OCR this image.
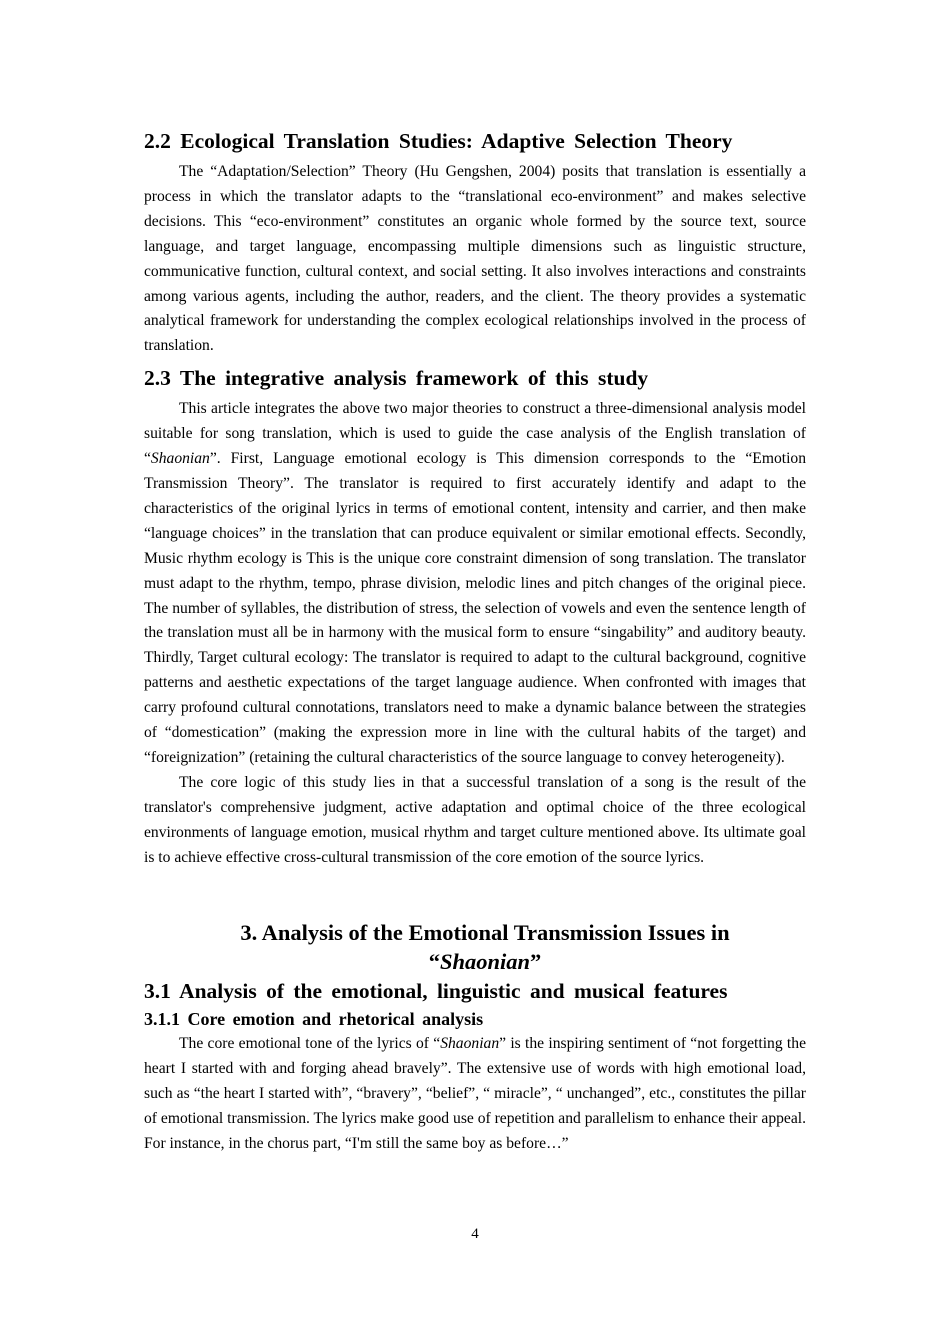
2.2 Ecological Translation Studies: Adaptive Selection Theory

The “Adaptation/Selection” Theory (Hu Gengshen, 2004) posits that translation is essentially a process in which the translator adapts to the “translational eco-environment” and makes selective decisions. This “eco-environment” constitutes an organic whole formed by the source text, source language, and target language, encompassing multiple dimensions such as linguistic structure, communicative function, cultural context, and social setting. It also involves interactions and constraints among various agents, including the author, readers, and the client. The theory provides a systematic analytical framework for understanding the complex ecological relationships involved in the process of translation.

2.3 The integrative analysis framework of this study

This article integrates the above two major theories to construct a three-dimensional analysis model suitable for song translation, which is used to guide the case analysis of the English translation of “Shaonian”. First, Language emotional ecology is This dimension corresponds to the “Emotion Transmission Theory”. The translator is required to first accurately identify and adapt to the characteristics of the original lyrics in terms of emotional content, intensity and carrier, and then make “language choices” in the translation that can produce equivalent or similar emotional effects. Secondly, Music rhythm ecology is This is the unique core constraint dimension of song translation. The translator must adapt to the rhythm, tempo, phrase division, melodic lines and pitch changes of the original piece. The number of syllables, the distribution of stress, the selection of vowels and even the sentence length of the translation must all be in harmony with the musical form to ensure “singability” and auditory beauty. Thirdly, Target cultural ecology: The translator is required to adapt to the cultural background, cognitive patterns and aesthetic expectations of the target language audience. When confronted with images that carry profound cultural connotations, translators need to make a dynamic balance between the strategies of “domestication” (making the expression more in line with the cultural habits of the target) and “foreignization” (retaining the cultural characteristics of the source language to convey heterogeneity).

The core logic of this study lies in that a successful translation of a song is the result of the translator's comprehensive judgment, active adaptation and optimal choice of the three ecological environments of language emotion, musical rhythm and target culture mentioned above. Its ultimate goal is to achieve effective cross-cultural transmission of the core emotion of the source lyrics.

3. Analysis of the Emotional Transmission Issues in
“Shaonian”
3.1 Analysis of the emotional, linguistic and musical features
3.1.1 Core emotion and rhetorical analysis

The core emotional tone of the lyrics of “Shaonian” is the inspiring sentiment of “not forgetting the heart I started with and forging ahead bravely”. The extensive use of words with high emotional load, such as “the heart I started with”, “bravery”, “belief”, “ miracle”, “ unchanged”, etc., constitutes the pillar of emotional transmission. The lyrics make good use of repetition and parallelism to enhance their appeal. For instance, in the chorus part, “I'm still the same boy as before…”

4
